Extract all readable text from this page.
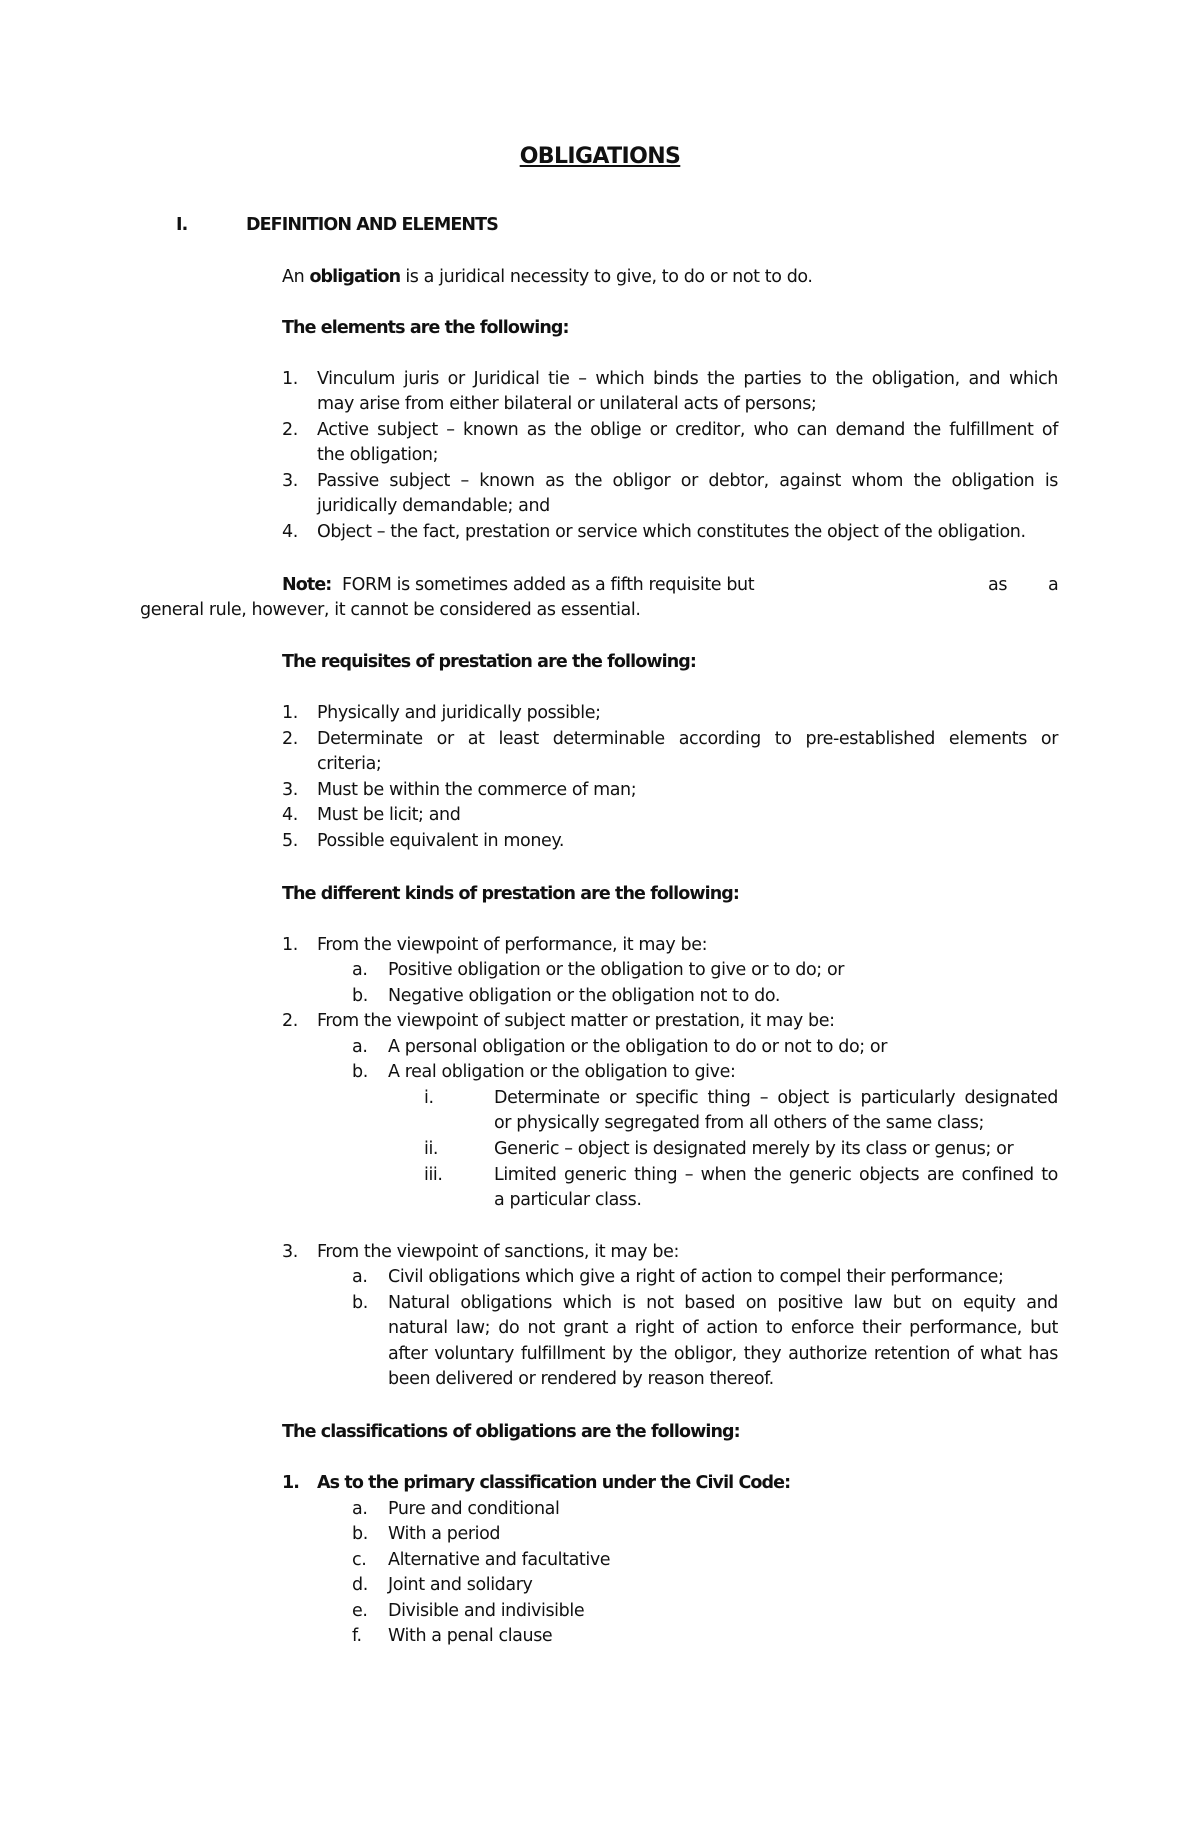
OBLIGATIONS
I.	DEFINITION AND ELEMENTS
An obligation is a juridical necessity to give, to do or not to do.
The elements are the following:
1. Vinculum juris or Juridical tie – which binds the parties to the obligation, and which
may arise from either bilateral or unilateral acts of persons;
2. Active subject – known as the oblige or creditor, who can demand the fulfillment of
the obligation;
3. Passive subject – known as the obligor or debtor, against whom the obligation is
juridically demandable; and
4. Object – the fact, prestation or service which constitutes the object of the obligation.
Note: FORM is sometimes added as a fifth requisite but	as a
general rule, however, it cannot be considered as essential.
The requisites of prestation are the following:
1. Physically and juridically possible;
2. Determinate or at least determinable according to pre-established elements or
criteria;
3. Must be within the commerce of man;
4. Must be licit; and
5. Possible equivalent in money.
The different kinds of prestation are the following:
1. From the viewpoint of performance, it may be:
a. Positive obligation or the obligation to give or to do; or
b. Negative obligation or the obligation not to do.
2. From the viewpoint of subject matter or prestation, it may be:
a. A personal obligation or the obligation to do or not to do; or
b. A real obligation or the obligation to give:
i.	Determinate or specific thing – object is particularly designated
or physically segregated from all others of the same class;
ii.	Generic – object is designated merely by its class or genus; or
iii.	Limited generic thing – when the generic objects are confined to
a particular class.
3. From the viewpoint of sanctions, it may be:
a. Civil obligations which give a right of action to compel their performance;
b. Natural obligations which is not based on positive law but on equity and
natural law; do not grant a right of action to enforce their performance, but
after voluntary fulfillment by the obligor, they authorize retention of what has
been delivered or rendered by reason thereof.
The classifications of obligations are the following:
1. As to the primary classification under the Civil Code:
a. Pure and conditional
b. With a period
c. Alternative and facultative
d. Joint and solidary
e. Divisible and indivisible
f. With a penal clause
